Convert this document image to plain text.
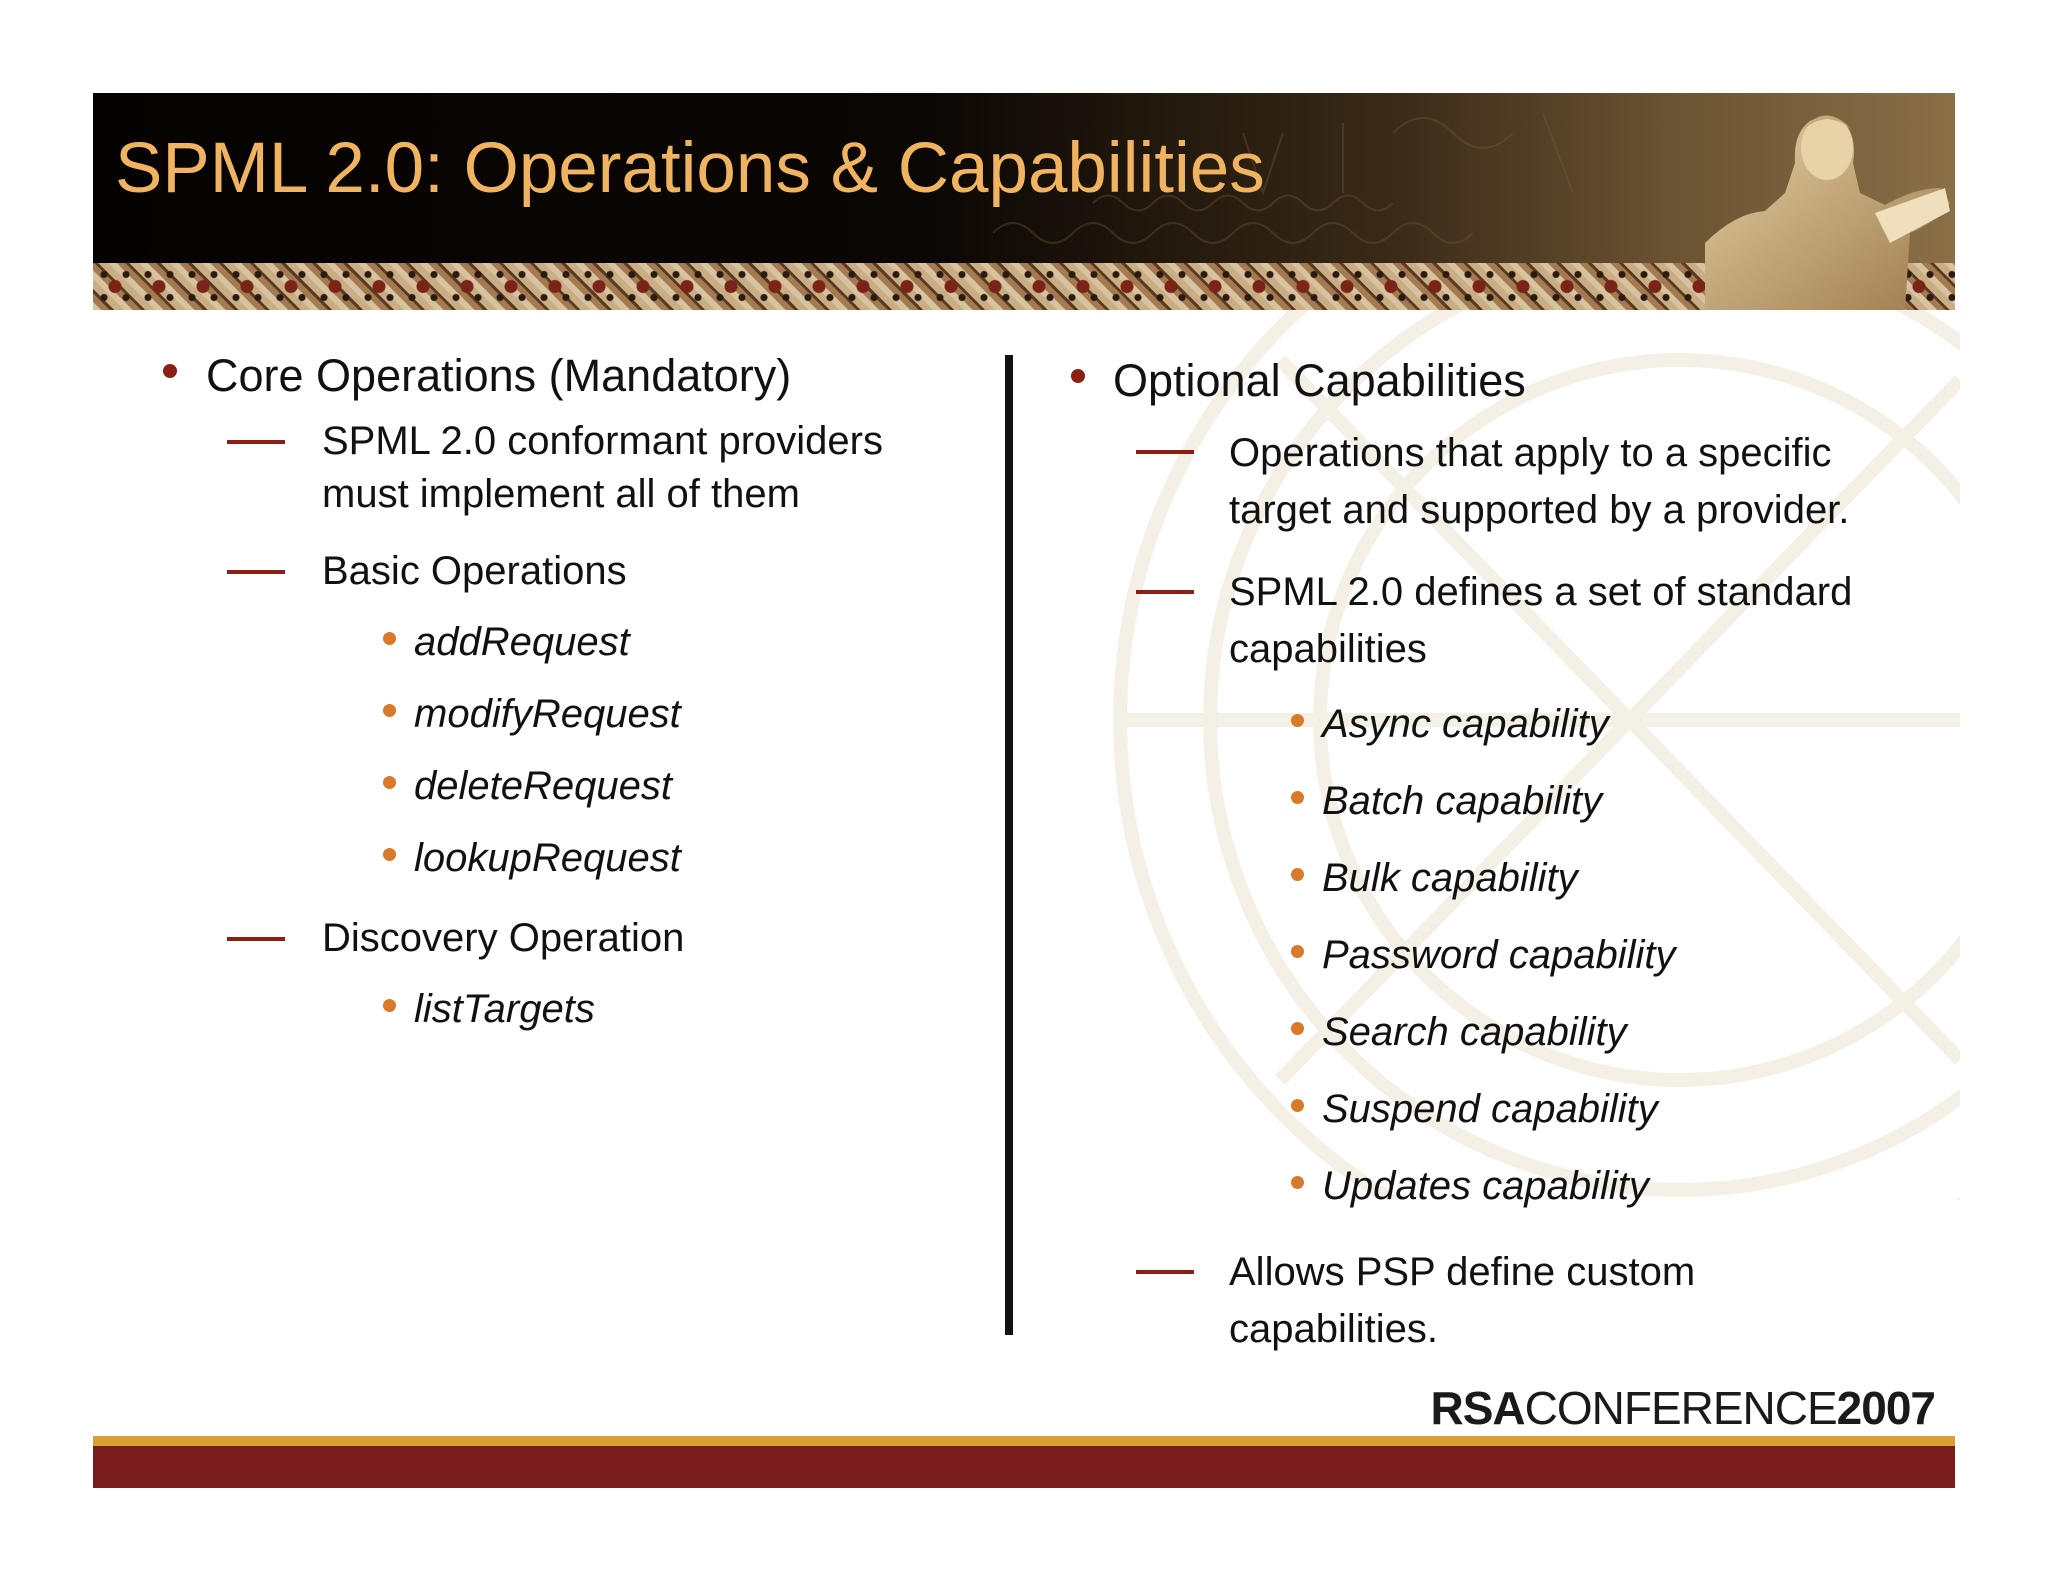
SPML 2.0: Operations & Capabilities
Core Operations (Mandatory)
SPML 2.0 conformant providers must implement all of them
Basic Operations
addRequest
modifyRequest
deleteRequest
lookupRequest
Discovery Operation
listTargets
Optional Capabilities
Operations that apply to a specific target and supported by a provider.
SPML 2.0 defines a set of standard capabilities
Async capability
Batch capability
Bulk capability
Password capability
Search capability
Suspend capability
Updates capability
Allows PSP define custom capabilities.
RSACONFERENCE2007
